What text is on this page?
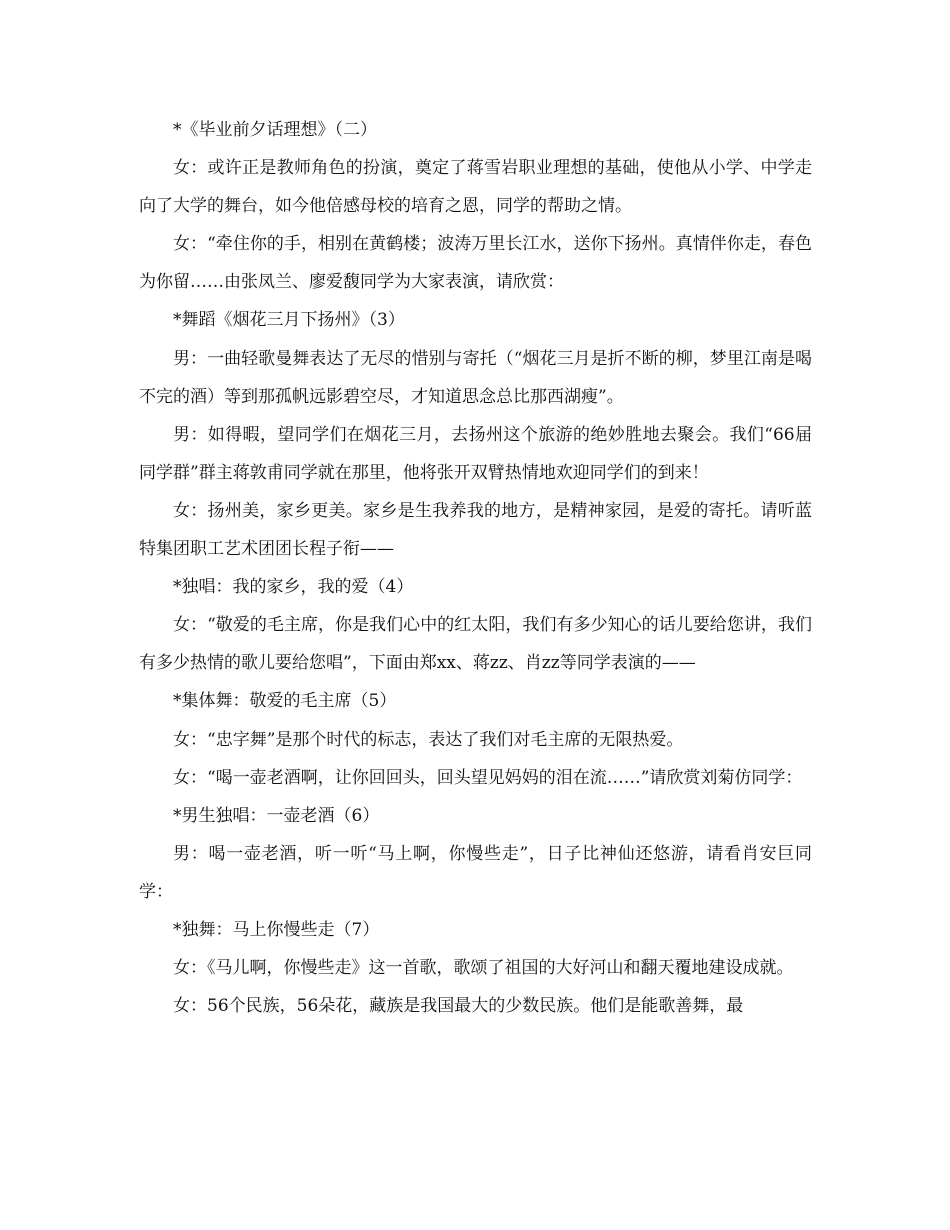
*《毕业前夕话理想》（二）

女：或许正是教师角色的扮演，奠定了蒋雪岩职业理想的基础，使他从小学、中学走向了大学的舞台，如今他倍感母校的培育之恩，同学的帮助之情。

女：“牵住你的手，相别在黄鹤楼；波涛万里长江水，送你下扬州。真情伴你走，春色为你留……由张凤兰、廖爱馥同学为大家表演，请欣赏：

*舞蹈《烟花三月下扬州》（3）

男：一曲轻歌曼舞表达了无尽的惜别与寄托（“烟花三月是折不断的柳，梦里江南是喝不完的酒）等到那孤帆远影碧空尽，才知道思念总比那西湖瘦”。

男：如得暇，望同学们在烟花三月，去扬州这个旅游的绝妙胜地去聚会。我们“66届同学群”群主蒋敦甫同学就在那里，他将张开双臂热情地欢迎同学们的到来！

女：扬州美，家乡更美。家乡是生我养我的地方，是精神家园，是爱的寄托。请听蓝特集团职工艺术团团长程子衔——

*独唱：我的家乡，我的爱（4）

女：“敬爱的毛主席，你是我们心中的红太阳，我们有多少知心的话儿要给您讲，我们有多少热情的歌儿要给您唱”，下面由郑xx、蒋zz、肖zz等同学表演的——

*集体舞：敬爱的毛主席（5）

女：“忠字舞”是那个时代的标志，表达了我们对毛主席的无限热爱。

女：“喝一壶老酒啊，让你回回头，回头望见妈妈的泪在流……”请欣赏刘菊仿同学：

*男生独唱：一壶老酒（6）

男：喝一壶老酒，听一听“马上啊，你慢些走”，日子比神仙还悠游，请看肖安巨同学：

*独舞：马上你慢些走（7）

女：《马儿啊，你慢些走》这一首歌，歌颂了祖国的大好河山和翻天覆地建设成就。

女：56个民族，56朵花，藏族是我国最大的少数民族。他们是能歌善舞，最
